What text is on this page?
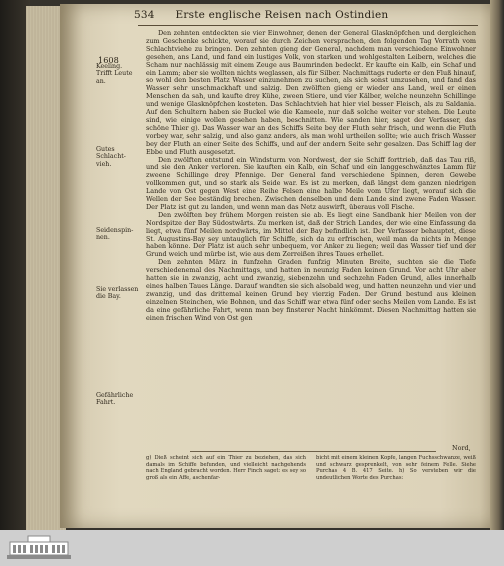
534 Erste englische Reisen nach Ostindien
1608
Keeling.
Trifft Leute
an.
Gutes
Schlacht-
vieh.
Seidenspin-
nen.
Sie verlassen
die Bay.
Gefährliche
Fahrt.

Den zehnten entdeckten sie vier Einwohner, denen der General Glasknöpfchen und dergleichen zum Geschenke schickte, worauf sie durch Zeichen versprachen, den folgenden Tag Vorrath vom Schlachtviehe zu bringen. Den zehnten gieng der General, nachdem man verschiedene Einwohner gesehen, ans Land, und fand ein lustiges Volk, von starken und wohlgestalten Leibern, welches die Scham nur nachlässig mit einem Zeuge aus Baumrinden bedeckt. Er kaufte ein Kalb, ein Schaf und ein Lamm; aber sie wollten nichts weglassen, als für Silber. Nachmittags ruderte er den Fluß hinauf, so wohl den besten Platz Wasser einzunehmen zu suchen, als sich sonst umzusehen, und fand das Wasser sehr unschmackhaft und salzig. Den zwölften gieng er wieder ans Land, weil er einen Menschen da sah, und kaufte drey Kühe, zween Stiere, und vier Kälber, welche neunzehn Schillinge und wenige Glasknöpfchen kosteten. Das Schlachtvieh hat hier viel besser Fleisch, als zu Saldania. Auf den Schultern haben sie Buckel wie die Kameele, nur daß solche weiter vor stehen. Die Leute sind, wie einige wollen gesehen haben, beschnitten. Wie sanden hier, saget der Verfasser, das schöne Thier g). Das Wasser war an des Schiffs Seite bey der Fluth sehr frisch, und wenn die Fluth vorbey war, sehr salzig, und also ganz anders, als man wohl urtheilen sollte; wie auch frisch Wasser bey der Fluth an einer Seite des Schiffs, und auf der andern Seite sehr gesalzen. Das Schiff lag der Ebbe und Fluth ausgesetzt.

Den zwölften entstund ein Windsturm von Nordwest, der sie Schiff forttrieb, daß das Tau riß, und sie den Anker verloren. Sie kauften ein Kalb, ein Schaf und ein langgeschwänztes Lamm für zweene Schillinge drey Pfennige. Der General fand verschiedene Spinnen, deren Gewebe vollkommen gut, und so stark als Seide war. Es ist zu merken, daß längst dem ganzen niedrigen Lande von Ost gegen West eine Reihe Felsen eine halbe Meile vom Ufer liegt, worauf sich die Wellen der See beständig brechen. Zwischen denselben und dem Lande sind zwene Faden Wasser. Der Platz ist gut zu landen, und wenn man das Netz auswirft, überaus voll Fische.

Den zwölften bey frühem Morgen reisten sie ab. Es liegt eine Sandbank hier Meilen von der Nordspitze der Bay Südostwärts. Zu merken ist, daß der Strich Landes, der wie eine Einfassung da liegt, etwa fünf Meilen nordwärts, im Mittel der Bay befindlich ist. Der Verfasser behauptet, diese St. Augustins-Bay sey untauglich für Schiffe, sich da zu erfrischen, weil man da nichts in Menge haben könne. Der Platz ist auch sehr unbequem, vor Anker zu liegen; weil das Wasser tief und der Grund weich und mürbe ist, wie aus dem Zerreißen ihres Taues erhellet.

Den zehnten März in funfzehn Graden funfzig Minuten Breite, suchten sie die Tiefe verschiedenemal des Nachmittags, und hatten in neunzig Faden keinen Grund. Vor acht Uhr aber hatten sie in zwanzig, acht und zwanzig, siebenzehn und sechzehn Faden Grund, alles innerhalb eines halben Taues Länge. Darauf wandten sie sich alsobald weg, und hatten neunzehn und vier und zwanzig, und das drittemal keinen Grund bey vierzig Faden. Der Grund bestund aus kleinen einzelnen Steinchen, wie Bohnen, und das Schiff war etwa fünf oder sechs Meilen vom Lande. Es ist da eine gefährliche Fahrt, wenn man bey finsterer Nacht hinkömmt. Diesen Nachmittag hatten sie einen frischen Wind von Ost gen

Nord,
g) Dieß scheint sich auf ein Thier zu beziehen, das sich damals im Schiffe befunden, und vielleicht nachgehends nach England gebracht worden. Herr Finch saget: es sey so groß als ein Affe, aschenfar-
bicht mit einem kleinen Kopfe, langen Fuchsschwanze, weiß und schwarz gesprenkelt, von sehr feinem Felle. Siehe Purchas 4 B. 417 Seite. h) So versteben wir die undeutlichen Worte des Purchas:
